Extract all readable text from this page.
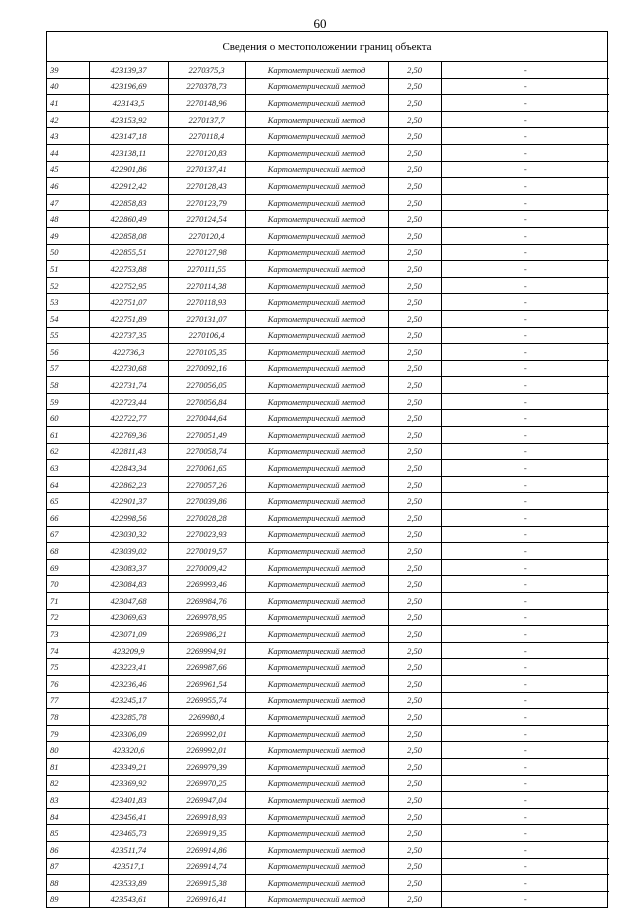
60
Сведения о местоположении границ объекта
39	423139,37	2270375,3	Картометрический метод	2,50	-
40	423196,69	2270378,73	Картометрический метод	2,50	-
41	423143,5	2270148,96	Картометрический метод	2,50	-
42	423153,92	2270137,7	Картометрический метод	2,50	-
43	423147,18	2270118,4	Картометрический метод	2,50	-
44	423138,11	2270120,83	Картометрический метод	2,50	-
45	422901,86	2270137,41	Картометрический метод	2,50	-
46	422912,42	2270128,43	Картометрический метод	2,50	-
47	422858,83	2270123,79	Картометрический метод	2,50	-
48	422860,49	2270124,54	Картометрический метод	2,50	-
49	422858,08	2270120,4	Картометрический метод	2,50	-
50	422855,51	2270127,98	Картометрический метод	2,50	-
51	422753,88	2270111,55	Картометрический метод	2,50	-
52	422752,95	2270114,38	Картометрический метод	2,50	-
53	422751,07	2270118,93	Картометрический метод	2,50	-
54	422751,89	2270131,07	Картометрический метод	2,50	-
55	422737,35	2270106,4	Картометрический метод	2,50	-
56	422736,3	2270105,35	Картометрический метод	2,50	-
57	422730,68	2270092,16	Картометрический метод	2,50	-
58	422731,74	2270056,05	Картометрический метод	2,50	-
59	422723,44	2270056,84	Картометрический метод	2,50	-
60	422722,77	2270044,64	Картометрический метод	2,50	-
61	422769,36	2270051,49	Картометрический метод	2,50	-
62	422811,43	2270058,74	Картометрический метод	2,50	-
63	422843,34	2270061,65	Картометрический метод	2,50	-
64	422862,23	2270057,26	Картометрический метод	2,50	-
65	422901,37	2270039,86	Картометрический метод	2,50	-
66	422998,56	2270028,28	Картометрический метод	2,50	-
67	423030,32	2270023,93	Картометрический метод	2,50	-
68	423039,02	2270019,57	Картометрический метод	2,50	-
69	423083,37	2270009,42	Картометрический метод	2,50	-
70	423084,83	2269993,46	Картометрический метод	2,50	-
71	423047,68	2269984,76	Картометрический метод	2,50	-
72	423069,63	2269978,95	Картометрический метод	2,50	-
73	423071,09	2269986,21	Картометрический метод	2,50	-
74	423209,9	2269994,91	Картометрический метод	2,50	-
75	423223,41	2269987,66	Картометрический метод	2,50	-
76	423236,46	2269961,54	Картометрический метод	2,50	-
77	423245,17	2269955,74	Картометрический метод	2,50	-
78	423285,78	2269980,4	Картометрический метод	2,50	-
79	423306,09	2269992,01	Картометрический метод	2,50	-
80	423320,6	2269992,01	Картометрический метод	2,50	-
81	423349,21	2269979,39	Картометрический метод	2,50	-
82	423369,92	2269970,25	Картометрический метод	2,50	-
83	423401,83	2269947,04	Картометрический метод	2,50	-
84	423456,41	2269918,93	Картометрический метод	2,50	-
85	423465,73	2269919,35	Картометрический метод	2,50	-
86	423511,74	2269914,86	Картометрический метод	2,50	-
87	423517,1	2269914,74	Картометрический метод	2,50	-
88	423533,89	2269915,38	Картометрический метод	2,50	-
89	423543,61	2269916,41	Картометрический метод	2,50	-
